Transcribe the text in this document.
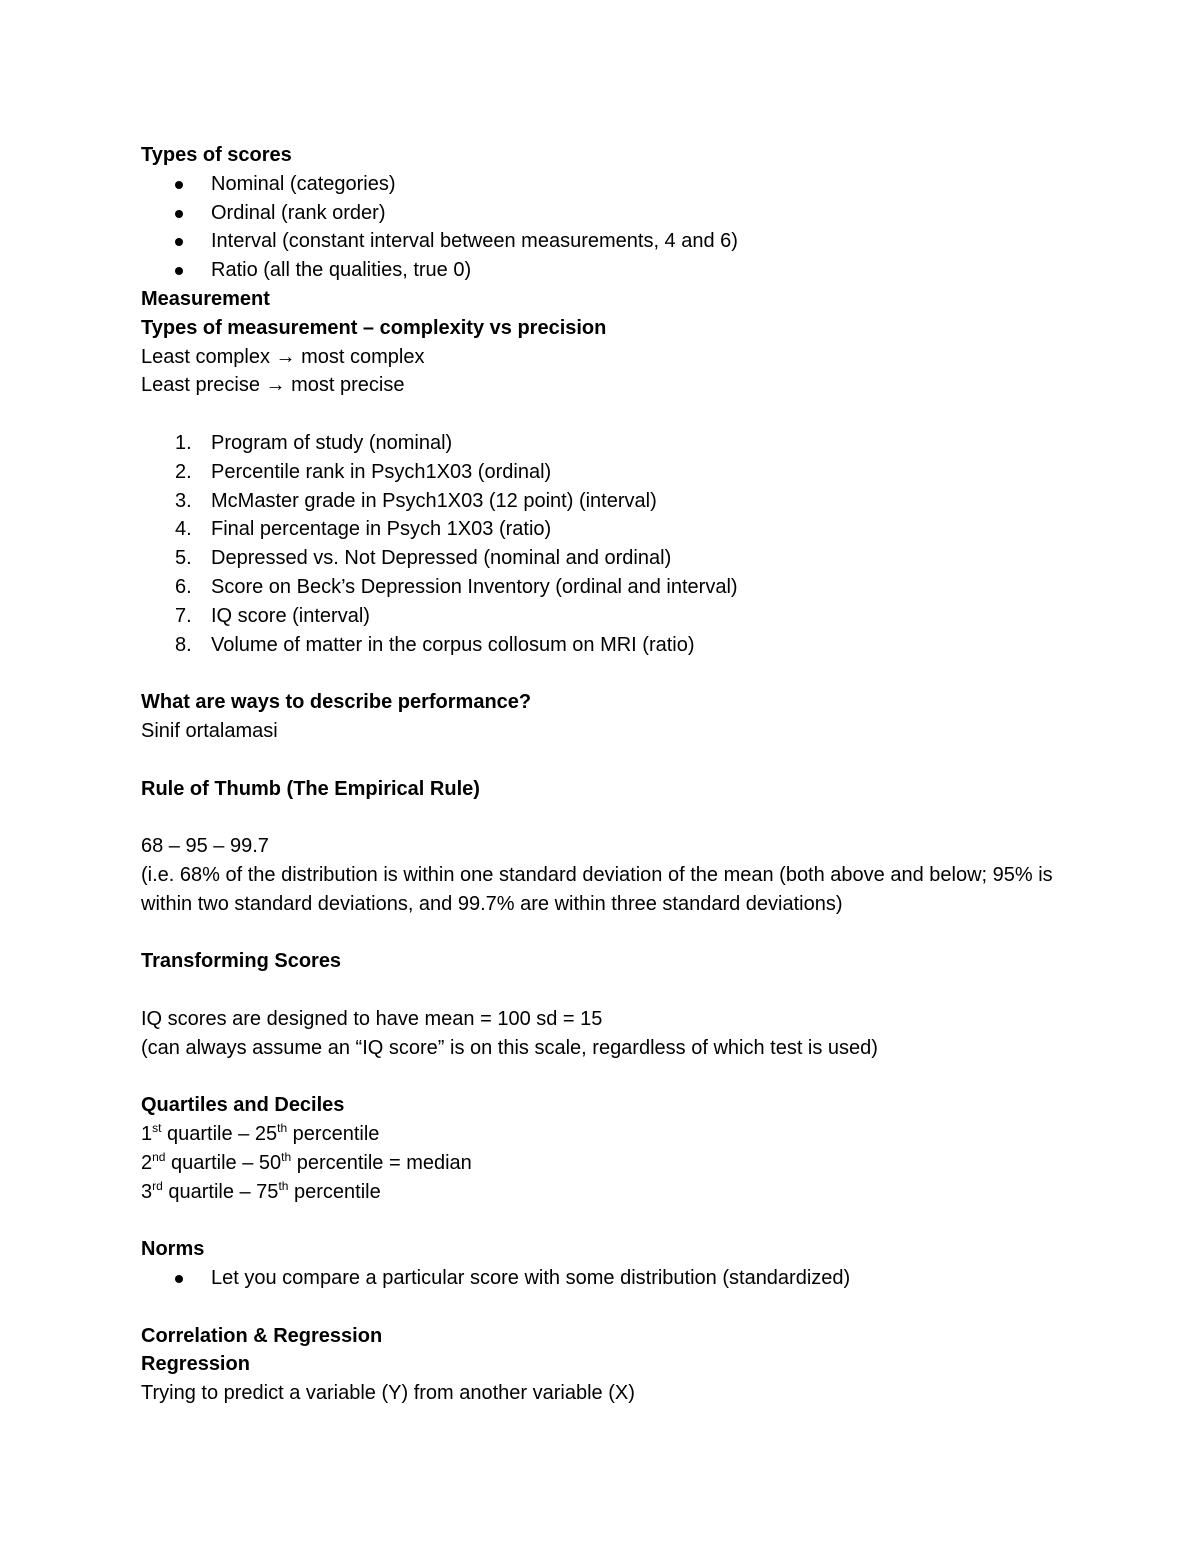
Types of scores

Nominal (categories)
Ordinal (rank order)
Interval (constant interval between measurements, 4 and 6)
Ratio (all the qualities, true 0)

Measurement

Types of measurement – complexity vs precision

Least complex → most complex

Least precise → most precise

1. Program of study (nominal)
2. Percentile rank in Psych1X03 (ordinal)
3. McMaster grade in Psych1X03 (12 point) (interval)
4. Final percentage in Psych 1X03 (ratio)
5. Depressed vs. Not Depressed (nominal and ordinal)
6. Score on Beck’s Depression Inventory (ordinal and interval)
7. IQ score (interval)
8. Volume of matter in the corpus collosum on MRI (ratio)

What are ways to describe performance?

Sinif ortalamasi

Rule of Thumb (The Empirical Rule)

68 – 95 – 99.7

(i.e. 68% of the distribution is within one standard deviation of the mean (both above and below; 95% is within two standard deviations, and 99.7% are within three standard deviations)

Transforming Scores

IQ scores are designed to have mean = 100 sd = 15

(can always assume an “IQ score” is on this scale, regardless of which test is used)

Quartiles and Deciles

1st quartile – 25th percentile

2nd quartile – 50th percentile = median

3rd quartile – 75th percentile

Norms

Let you compare a particular score with some distribution (standardized)

Correlation & Regression

Regression

Trying to predict a variable (Y) from another variable (X)
